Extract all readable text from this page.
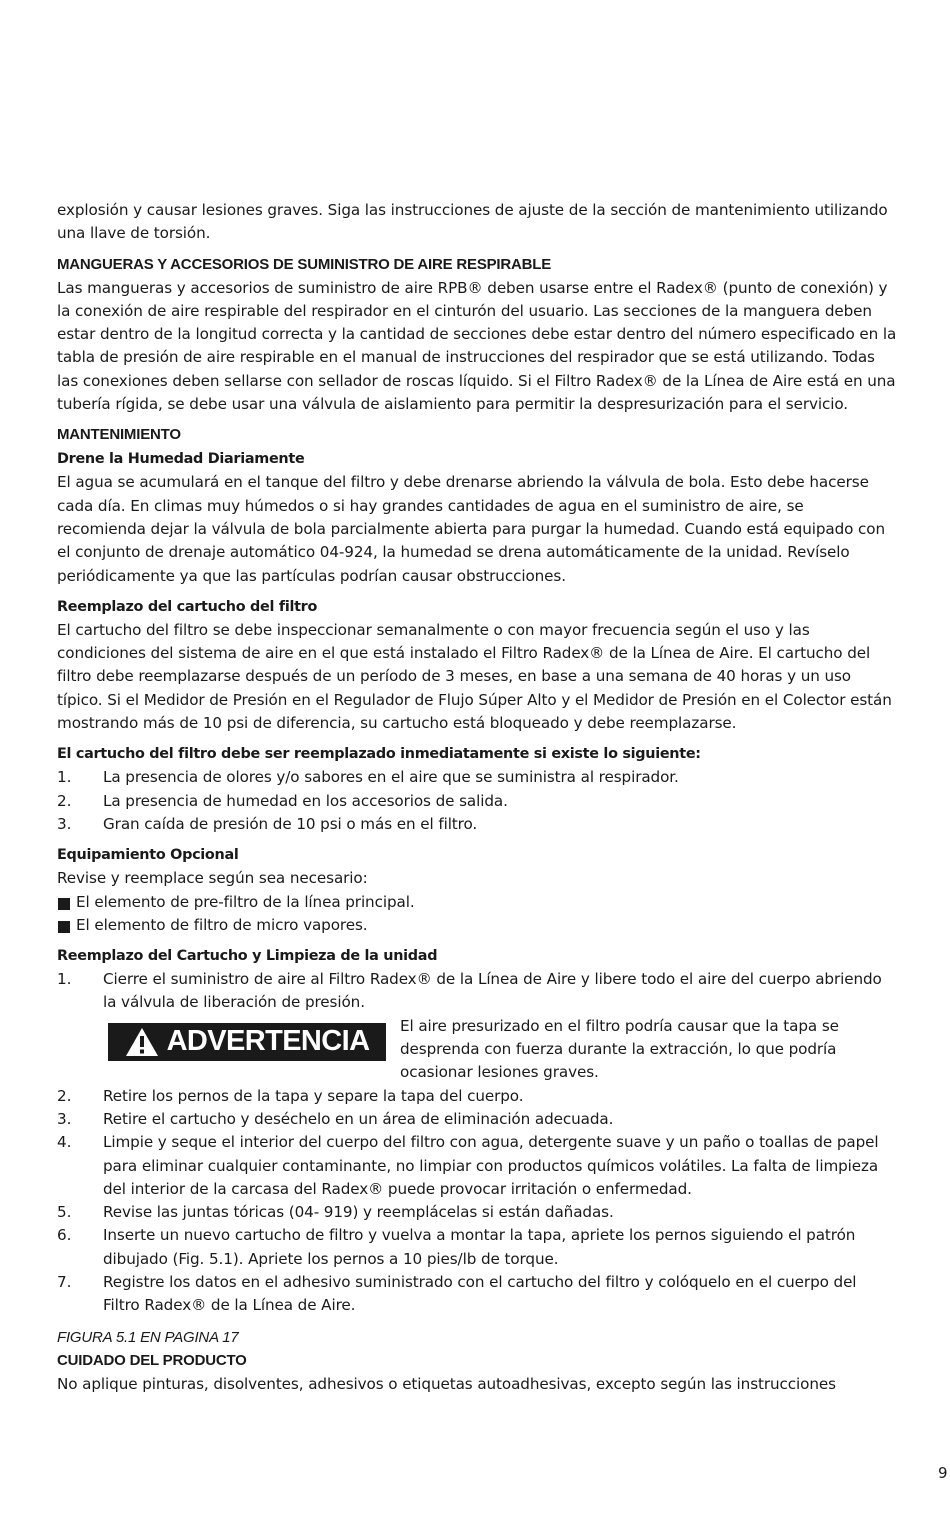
explosión y causar lesiones graves. Siga las instrucciones de ajuste de la sección de mantenimiento utilizando una llave de torsión.

MANGUERAS Y ACCESORIOS DE SUMINISTRO DE AIRE RESPIRABLE

Las mangueras y accesorios de suministro de aire RPB® deben usarse entre el Radex® (punto de conexión) y la conexión de aire respirable del respirador en el cinturón del usuario. Las secciones de la manguera deben estar dentro de la longitud correcta y la cantidad de secciones debe estar dentro del número especificado en la tabla de presión de aire respirable en el manual de instrucciones del respirador que se está utilizando. Todas las conexiones deben sellarse con sellador de roscas líquido. Si el Filtro Radex® de la Línea de Aire está en una tubería rígida, se debe usar una válvula de aislamiento para permitir la despresurización para el servicio.

MANTENIMIENTO
Drene la Humedad Diariamente

El agua se acumulará en el tanque del filtro y debe drenarse abriendo la válvula de bola. Esto debe hacerse cada día. En climas muy húmedos o si hay grandes cantidades de agua en el suministro de aire, se recomienda dejar la válvula de bola parcialmente abierta para purgar la humedad. Cuando está equipado con el conjunto de drenaje automático 04-924, la humedad se drena automáticamente de la unidad. Revíselo periódicamente ya que las partículas podrían causar obstrucciones.

Reemplazo del cartucho del filtro

El cartucho del filtro se debe inspeccionar semanalmente o con mayor frecuencia según el uso y las condiciones del sistema de aire en el que está instalado el Filtro Radex® de la Línea de Aire. El cartucho del filtro debe reemplazarse después de un período de 3 meses, en base a una semana de 40 horas y un uso típico. Si el Medidor de Presión en el Regulador de Flujo Súper Alto y el Medidor de Presión en el Colector están mostrando más de 10 psi de diferencia, su cartucho está bloqueado y debe reemplazarse.

El cartucho del filtro debe ser reemplazado inmediatamente si existe lo siguiente:
1. La presencia de olores y/o sabores en el aire que se suministra al respirador.
2. La presencia de humedad en los accesorios de salida.
3. Gran caída de presión de 10 psi o más en el filtro.
Equipamiento Opcional

Revise y reemplace según sea necesario:

El elemento de pre-filtro de la línea principal.
El elemento de filtro de micro vapores.
Reemplazo del Cartucho y Limpieza de la unidad
1. Cierre el suministro de aire al Filtro Radex® de la Línea de Aire y libere todo el aire del cuerpo abriendo la válvula de liberación de presión.
ADVERTENCIA El aire presurizado en el filtro podría causar que la tapa se desprenda con fuerza durante la extracción, lo que podría ocasionar lesiones graves.

2. Retire los pernos de la tapa y separe la tapa del cuerpo.
3. Retire el cartucho y deséchelo en un área de eliminación adecuada.
4. Limpie y seque el interior del cuerpo del filtro con agua, detergente suave y un paño o toallas de papel para eliminar cualquier contaminante, no limpiar con productos químicos volátiles. La falta de limpieza del interior de la carcasa del Radex® puede provocar irritación o enfermedad.
5. Revise las juntas tóricas (04- 919) y reemplácelas si están dañadas.
6. Inserte un nuevo cartucho de filtro y vuelva a montar la tapa, apriete los pernos siguiendo el patrón dibujado (Fig. 5.1). Apriete los pernos a 10 pies/lb de torque.
7. Registre los datos en el adhesivo suministrado con el cartucho del filtro y colóquelo en el cuerpo del Filtro Radex® de la Línea de Aire.

FIGURA 5.1 EN PAGINA 17

CUIDADO DEL PRODUCTO

No aplique pinturas, disolventes, adhesivos o etiquetas autoadhesivas, excepto según las instrucciones

9
